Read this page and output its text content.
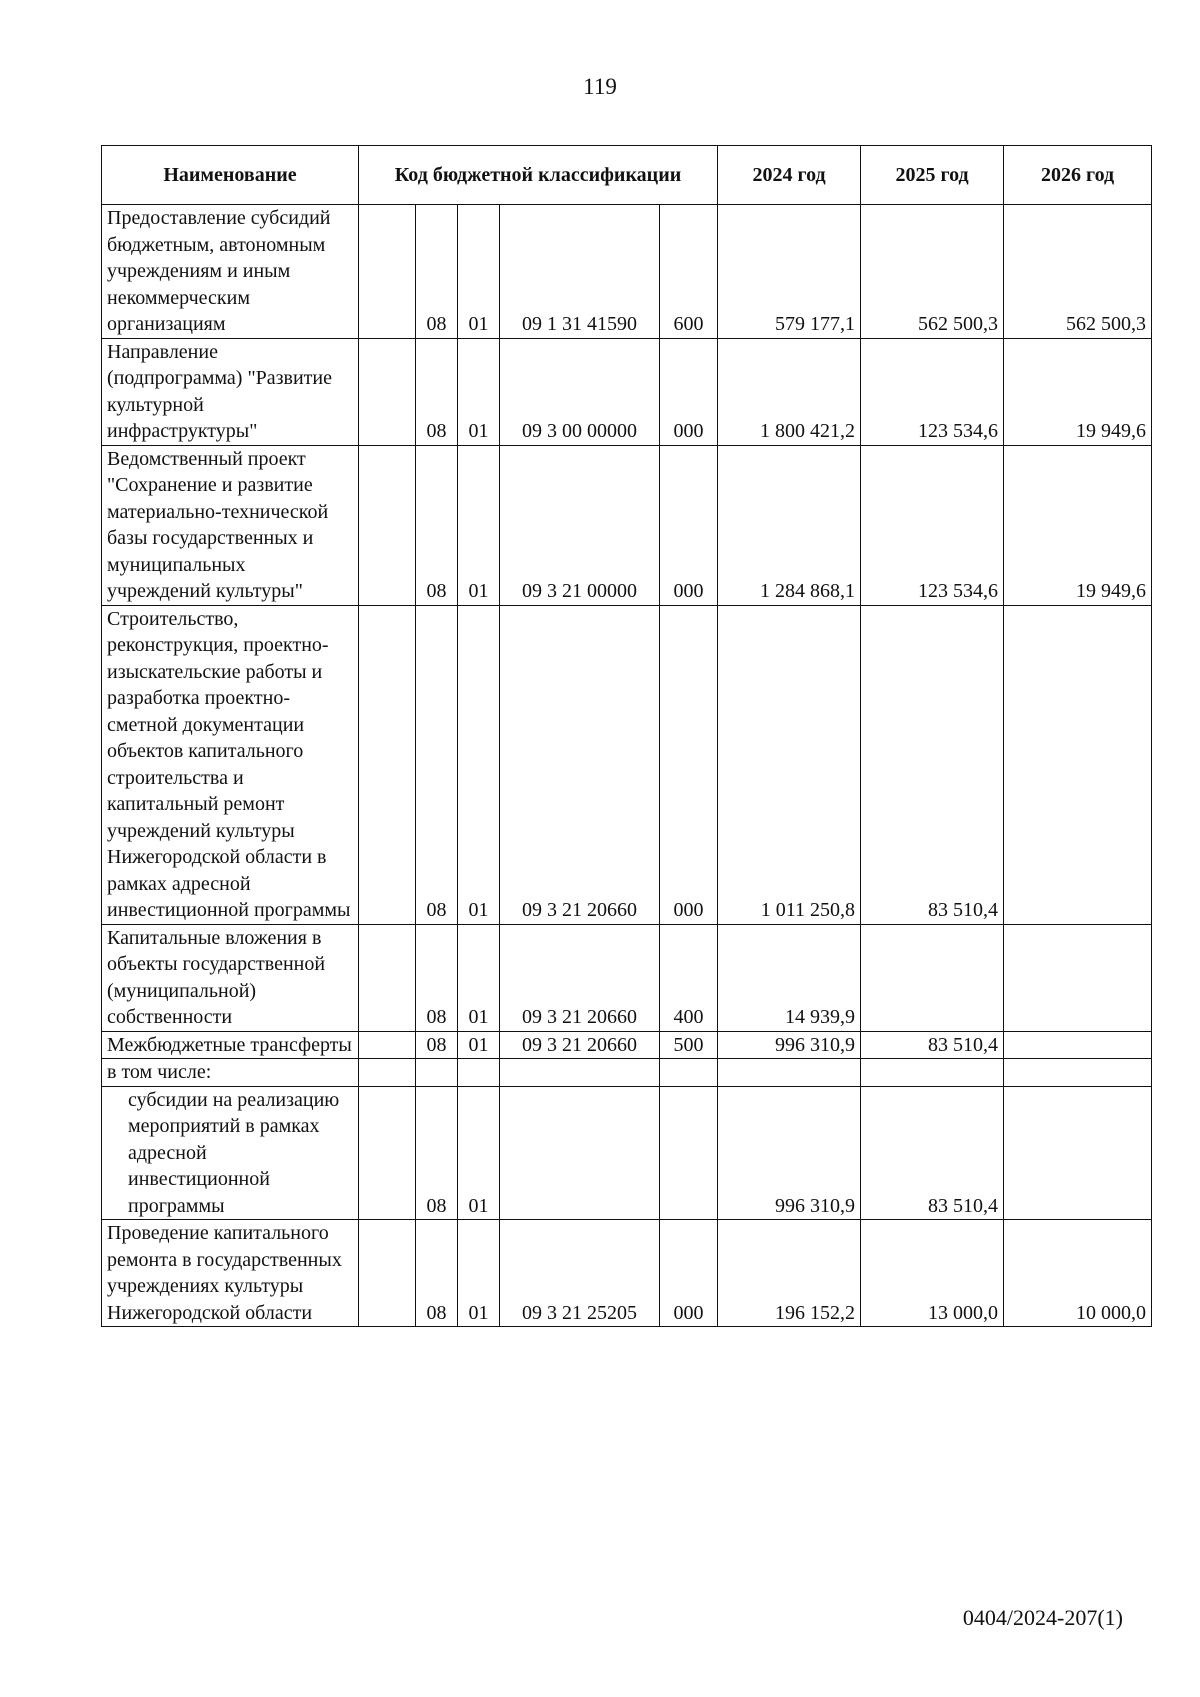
119
Наименование	Код бюджетной классификации					2024 год	2025 год	2026 год
Предоставление субсидий бюджетным, автономным учреждениям и иным некоммерческим организациям		08	01	09 1 31 41590	600	579 177,1	562 500,3	562 500,3
Направление (подпрограмма) "Развитие культурной инфраструктуры"		08	01	09 3 00 00000	000	1 800 421,2	123 534,6	19 949,6
Ведомственный проект "Сохранение и развитие материально-технической базы государственных и муниципальных учреждений культуры"		08	01	09 3 21 00000	000	1 284 868,1	123 534,6	19 949,6
Строительство, реконструкция, проектно-изыскательские работы и разработка проектно-сметной документации объектов капитального строительства и капитальный ремонт учреждений культуры Нижегородской области в рамках адресной инвестиционной программы		08	01	09 3 21 20660	000	1 011 250,8	83 510,4	
Капитальные вложения в объекты государственной (муниципальной) собственности		08	01	09 3 21 20660	400	14 939,9		
Межбюджетные трансферты		08	01	09 3 21 20660	500	996 310,9	83 510,4	
в том числе:								
субсидии на реализацию мероприятий в рамках адресной инвестиционной программы		08	01			996 310,9	83 510,4	
Проведение капитального ремонта в государственных учреждениях культуры Нижегородской области		08	01	09 3 21 25205	000	196 152,2	13 000,0	10 000,0
0404/2024-207(1)
